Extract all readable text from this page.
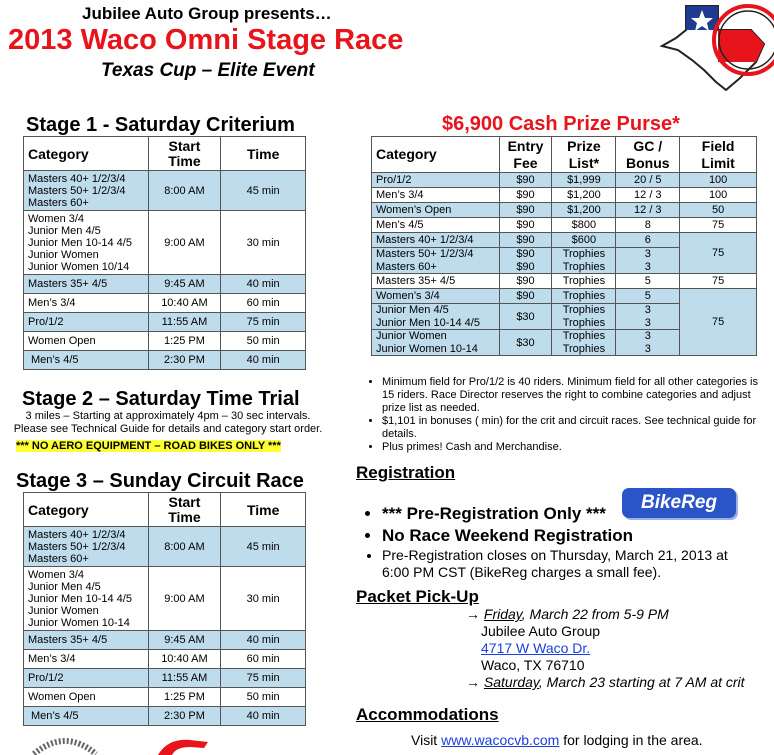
Jubilee Auto Group presents…
2013 Waco Omni Stage Race
Texas Cup – Elite Event
Stage 1 - Saturday Criterium
Category	Start Time	Time

Masters 40+ 1/2/3/4
Masters 50+ 1/2/3/4
Masters 60+	8:00 AM	45 min

Women 3/4
Junior Men 4/5
Junior Men 10-14 4/5
Junior Women
Junior Women 10/14	9:00 AM	30 min

Masters 35+ 4/5	9:45 AM	40 min

Men’s 3/4	10:40 AM	60 min

Pro/1/2	11:55 AM	75 min

Women Open	1:25 PM	50 min

Men’s 4/5	2:30 PM	40 min
Stage 2 – Saturday Time Trial
3 miles – Starting at approximately 4pm – 30 sec intervals.
Please see Technical Guide for details and category start order.
*** NO AERO EQUIPMENT – ROAD BIKES ONLY ***
Stage 3 – Sunday Circuit Race
Category	Start Time	Time

Masters 40+ 1/2/3/4
Masters 50+ 1/2/3/4
Masters 60+	8:00 AM	45 min

Women 3/4
Junior Men 4/5
Junior Men 10-14 4/5
Junior Women
Junior Women 10-14	9:00 AM	30 min

Masters 35+ 4/5	9:45 AM	40 min

Men’s 3/4	10:40 AM	60 min

Pro/1/2	11:55 AM	75 min

Women Open	1:25 PM	50 min

Men’s 4/5	2:30 PM	40 min
$6,900 Cash Prize Purse*
Category	Entry Fee	Prize List*	GC / Bonus	Field Limit
Pro/1/2	$90	$1,999	20 / 5	100
Men’s 3/4	$90	$1,200	12 / 3	100
Women’s Open	$90	$1,200	12 / 3	50
Men’s 4/5	$90	$800	8	75
Masters 40+ 1/2/3/4	$90	$600	6	75
Masters 50+ 1/2/3/4	$90	Trophies	3	
Masters 60+	$90	Trophies	3	
Masters 35+ 4/5	$90	Trophies	5	75
Women’s 3/4	$90	Trophies	5	75
Junior Men 4/5	$30	Trophies	3	
Junior Men 10-14 4/5		Trophies	3	
Junior Women	$30	Trophies	3	
Junior Women 10-14		Trophies	3	
• Minimum field for Pro/1/2 is 40 riders. Minimum field for all other categories is 15 riders. Race Director reserves the right to combine categories and adjust prize list as needed.
• $1,101 in bonuses ( min) for the crit and circuit races. See technical guide for details.
• Plus primes! Cash and Merchandise.
Registration
BikeReg
• *** Pre-Registration Only ***
• No Race Weekend Registration
• Pre-Registration closes on Thursday, March 21, 2013 at 6:00 PM CST (BikeReg charges a small fee).
Packet Pick-Up
→ Friday, March 22 from 5-9 PM
Jubilee Auto Group
4717 W Waco Dr.
Waco, TX 76710
→ Saturday, March 23 starting at 7 AM at crit
Accommodations
Visit www.wacocvb.com for lodging in the area.
